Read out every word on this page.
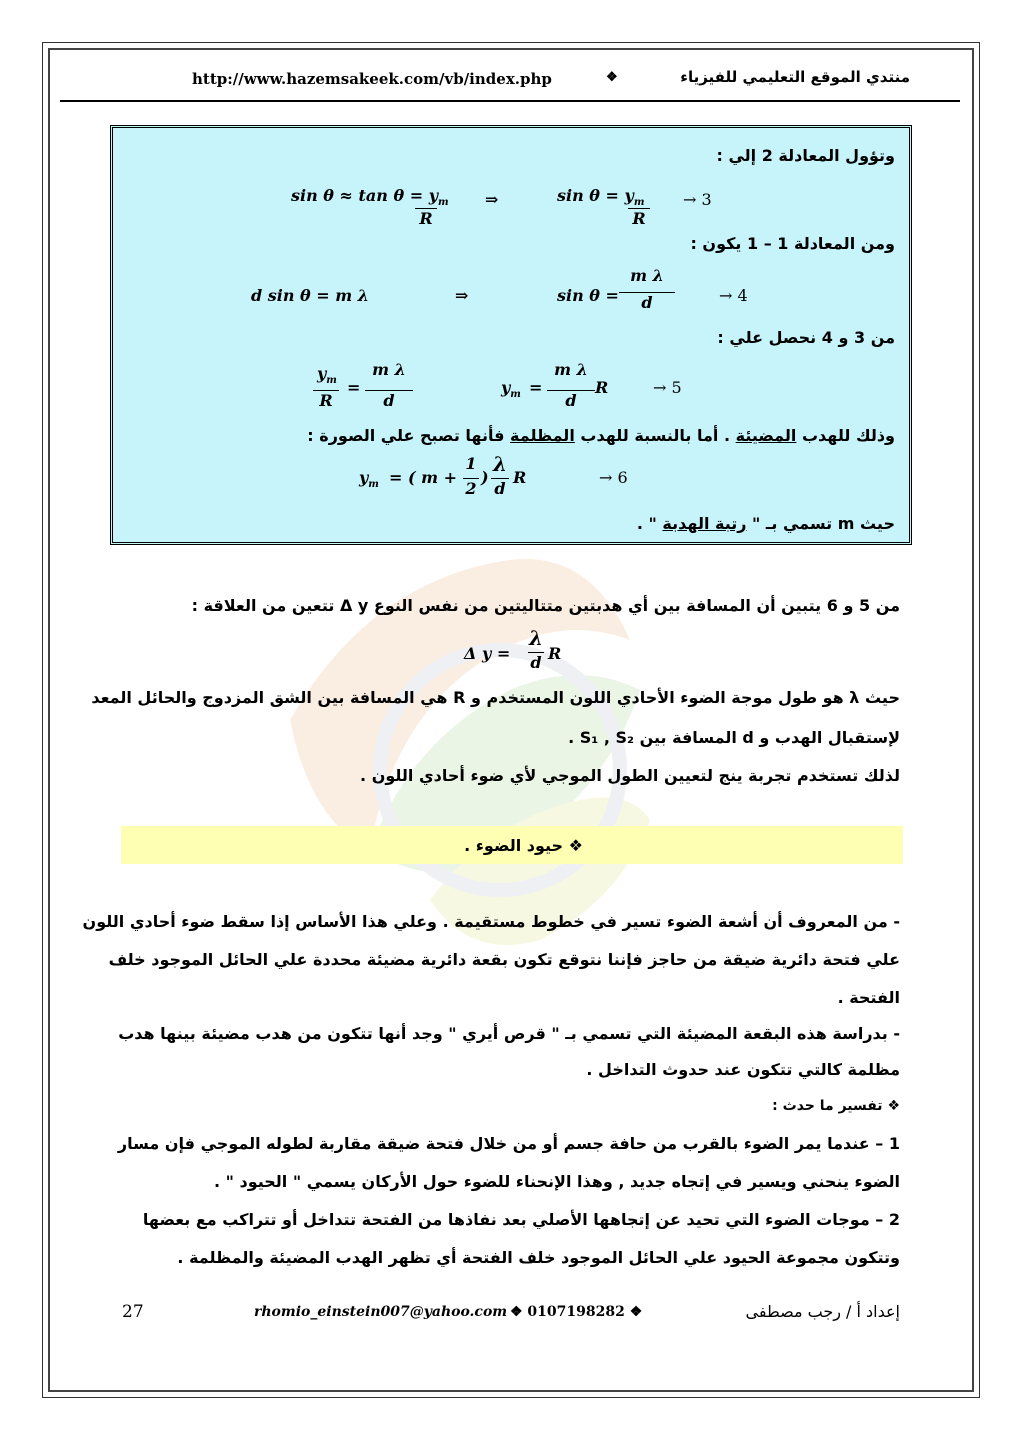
http://www.hazemsakeek.com/vb/index.php	❖	منتدي الموقع التعليمي للفيزياء
وتؤول المعادلة 2 إلي :
$\sin \theta \approx \tan \theta = y_m$
R
⇒	$\sin \theta = y_m$
R
→ 3
ومن المعادلة 1 – 1 يكون :
d sin θ = m λ	⇒	sin θ =
m λ
d	→ 4
من 3 و 4 نحصل علي :
$y_m$
R
=
m λ
d
$y_m$ =
m λ
d
R	→ 5
وذلك للهدب المضيئة . أما بالنسبة للهدب المظلمة فأنها تصبح علي الصورة :
$y_m$ = ( m +
1
2
)
λ
d
R	→ 6
حيث m تسمي بـ " رتبة الهدبة " .
من 5 و 6 يتبين أن المسافة بين أي هدبتين متتاليتين من نفس النوع Δ y تتعين من العلاقة :
Δ y =
λ
d R
حيث λ هو طول موجة الضوء الأحادي اللون المستخدم و R هي المسافة بين الشق المزدوج والحائل المعد
لإستقبال الهدب و d المسافة بين S₁ , S₂ .
لذلك تستخدم تجربة ينج لتعيين الطول الموجي لأي ضوء أحادي اللون .
❖ حيود الضوء .
- من المعروف أن أشعة الضوء تسير في خطوط مستقيمة . وعلي هذا الأساس إذا سقط ضوء أحادي اللون
علي فتحة دائرية ضيقة من حاجز فإننا نتوقع تكون بقعة دائرية مضيئة محددة علي الحائل الموجود خلف
الفتحة .
- بدراسة هذه البقعة المضيئة التي تسمي بـ " قرص أيري " وجد أنها تتكون من هدب مضيئة بينها هدب
مظلمة كالتي تتكون عند حدوث التداخل .
❖ تفسير ما حدث :
1 – عندما يمر الضوء بالقرب من حافة جسم أو من خلال فتحة ضيقة مقاربة لطوله الموجي فإن مسار
الضوء ينحني ويسير في إتجاه جديد , وهذا الإنحناء للضوء حول الأركان يسمي " الحيود " .
2 – موجات الضوء التي تحيد عن إتجاهها الأصلي بعد نفاذها من الفتحة تتداخل أو تتراكب مع بعضها
وتتكون مجموعة الحيود علي الحائل الموجود خلف الفتحة أي تظهر الهدب المضيئة والمظلمة .
27	rhomio_einstein007@yahoo.com ❖ 0107198282 ❖	إعداد أ / رجب مصطفى
